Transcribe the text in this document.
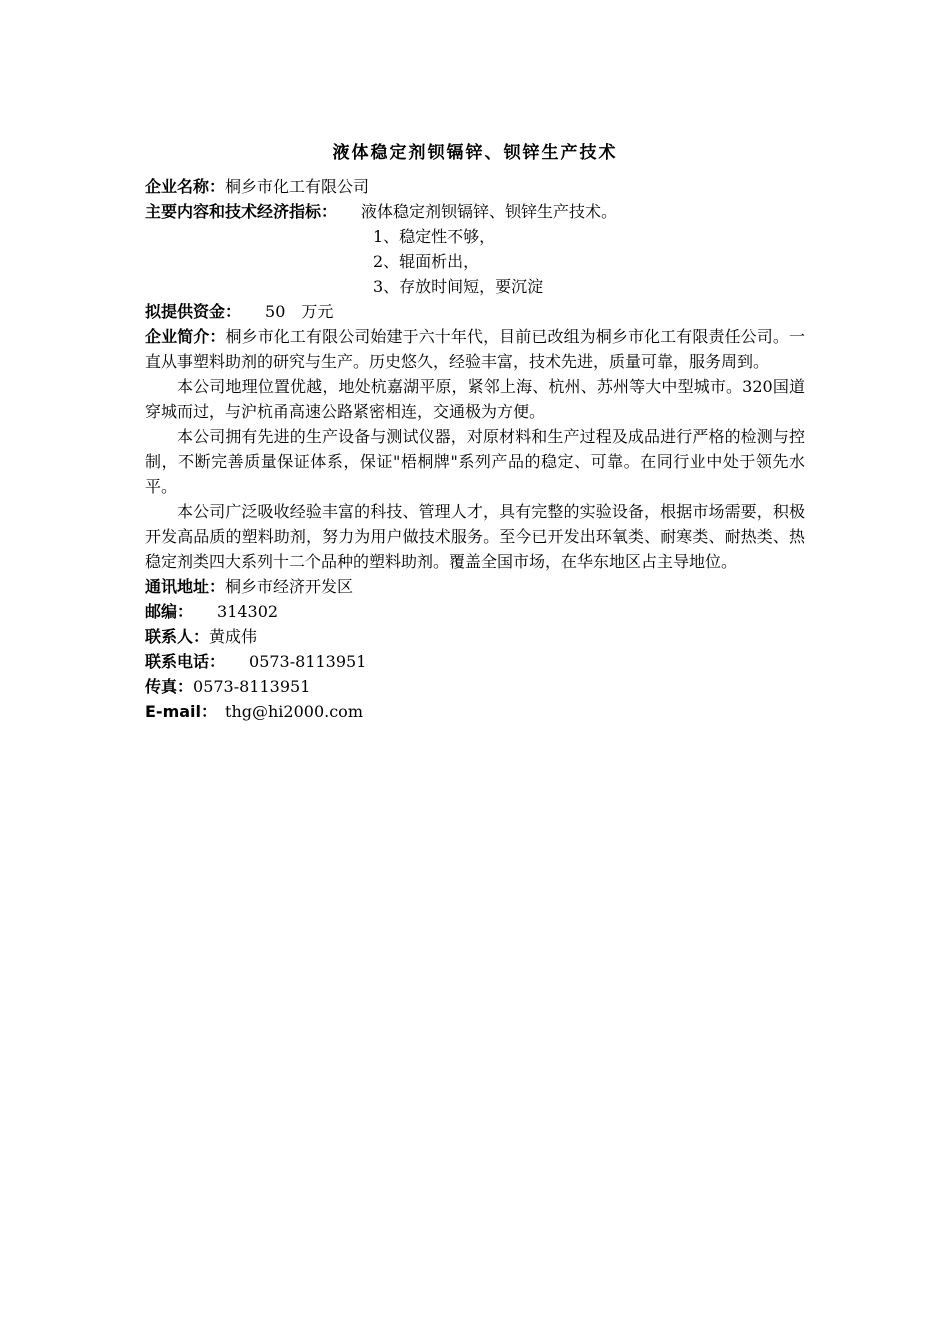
液体稳定剂钡镉锌、钡锌生产技术
企业名称：桐乡市化工有限公司
主要内容和技术经济指标： 液体稳定剂钡镉锌、钡锌生产技术。
1、稳定性不够，
2、辊面析出，
3、存放时间短，要沉淀
拟提供资金： 50 万元

企业简介：桐乡市化工有限公司始建于六十年代，目前已改组为桐乡市化工有限责任公司。一直从事塑料助剂的研究与生产。历史悠久，经验丰富，技术先进，质量可靠，服务周到。

本公司地理位置优越，地处杭嘉湖平原，紧邻上海、杭州、苏州等大中型城市。320国道穿城而过，与沪杭甬高速公路紧密相连，交通极为方便。

本公司拥有先进的生产设备与测试仪器，对原材料和生产过程及成品进行严格的检测与控制，不断完善质量保证体系，保证"梧桐牌"系列产品的稳定、可靠。在同行业中处于领先水平。

本公司广泛吸收经验丰富的科技、管理人才，具有完整的实验设备，根据市场需要，积极开发高品质的塑料助剂，努力为用户做技术服务。至今已开发出环氧类、耐寒类、耐热类、热稳定剂类四大系列十二个品种的塑料助剂。覆盖全国市场，在华东地区占主导地位。

通讯地址：桐乡市经济开发区
邮编： 314302
联系人：黄成伟
联系电话： 0573-8113951
传真：0573-8113951
E-mail： thg@hi2000.com
